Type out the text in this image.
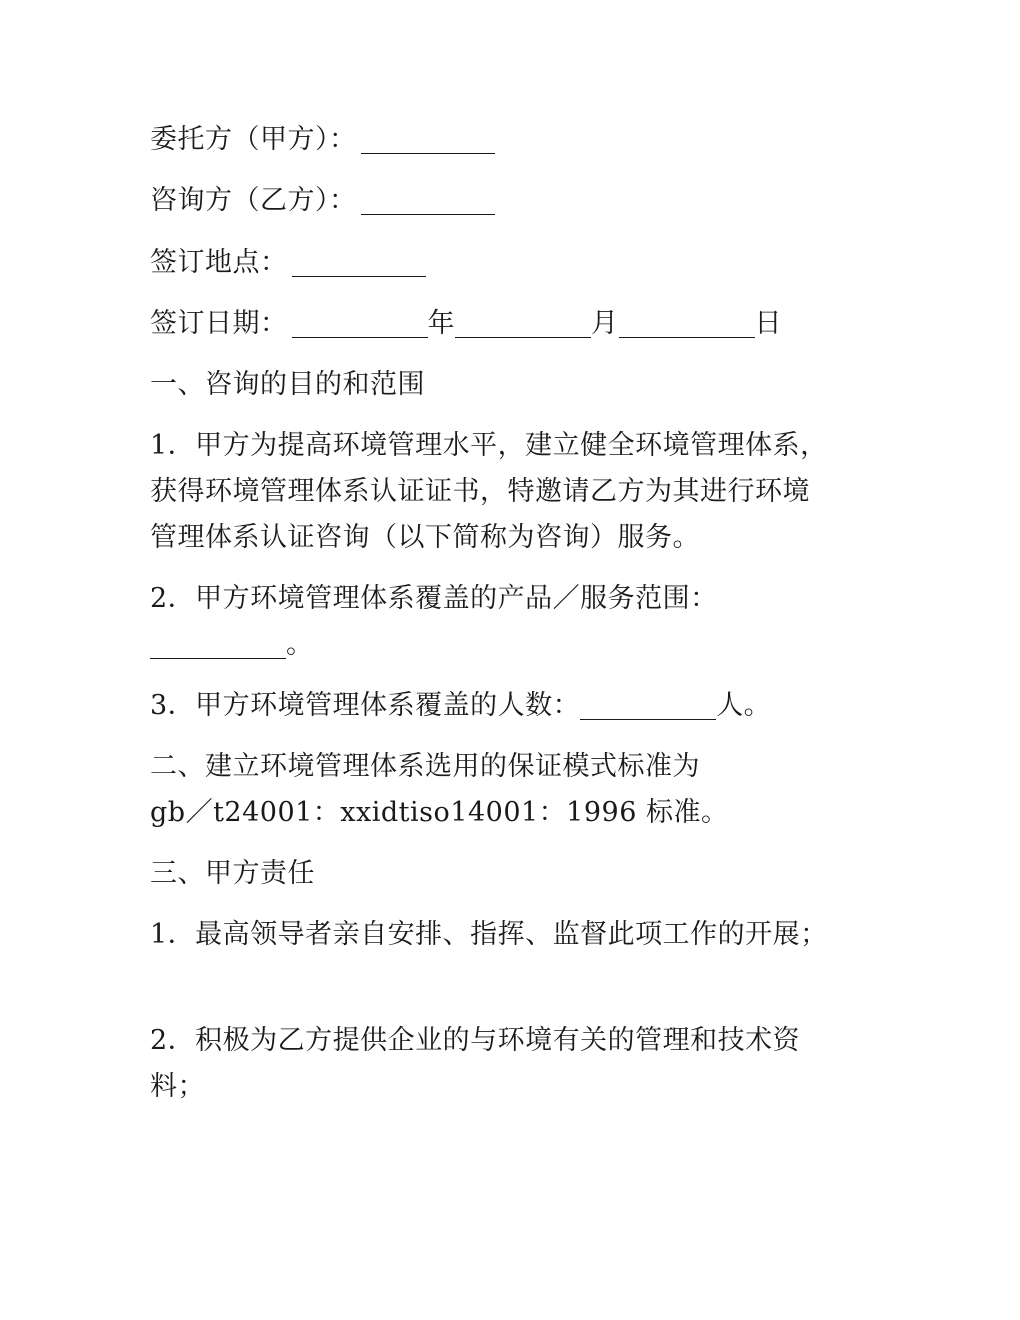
委托方（甲方）：
咨询方（乙方）：
签订地点：
签订日期：	年	月	日
一、咨询的目的和范围
1．甲方为提高环境管理水平，建立健全环境管理体系，
获得环境管理体系认证证书，特邀请乙方为其进行环境
管理体系认证咨询（以下简称为咨询）服务。
2．甲方环境管理体系覆盖的产品／服务范围：
。
3．甲方环境管理体系覆盖的人数：	人。
二、建立环境管理体系选用的保证模式标准为
gb／t24001：xxidtiso14001：1996 标准。
三、甲方责任
1．最高领导者亲自安排、指挥、监督此项工作的开展；
2．积极为乙方提供企业的与环境有关的管理和技术资
料；
